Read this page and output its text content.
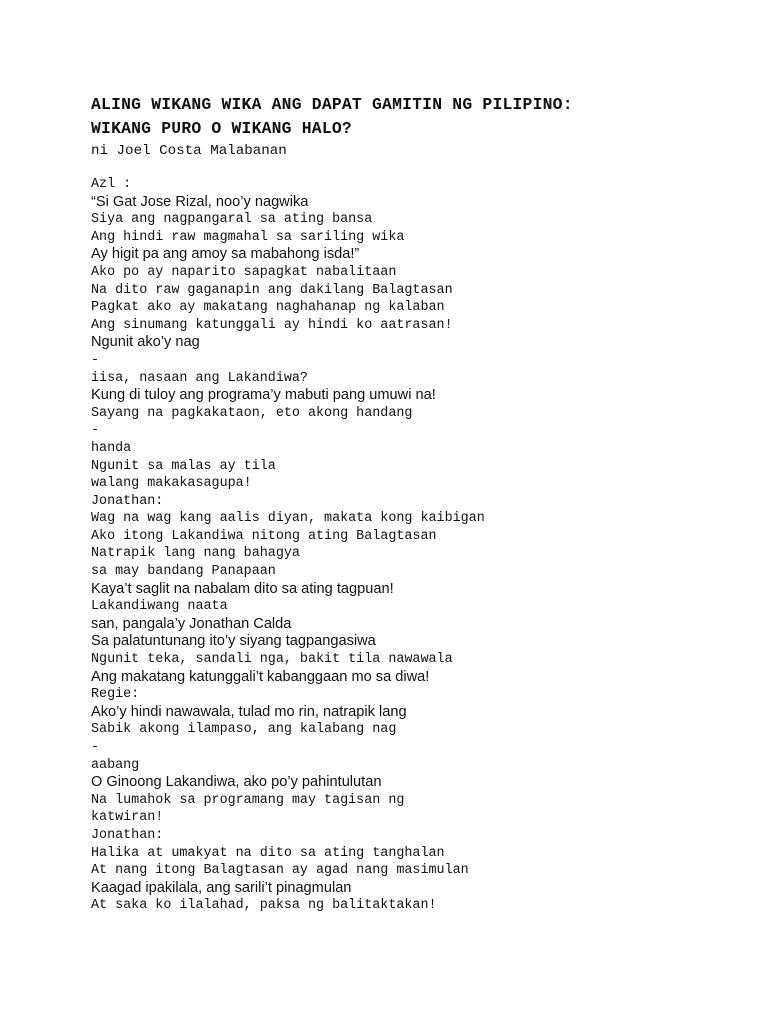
ALING WIKANG WIKA ANG DAPAT GAMITIN NG PILIPINO:
WIKANG PURO O WIKANG HALO?
ni Joel Costa Malabanan
Azl :
“Si Gat Jose Rizal, noo’y nagwika
Siya ang nagpangaral sa ating bansa
Ang hindi raw magmahal sa sariling wika
Ay higit pa ang amoy sa mabahong isda!”
Ako po ay naparito sapagkat nabalitaan
Na dito raw gaganapin ang dakilang Balagtasan
Pagkat ako ay makatang naghahanap ng kalaban
Ang sinumang katunggali ay hindi ko aatrasan!
Ngunit ako’y nag
-
iisa, nasaan ang Lakandiwa?
Kung di tuloy ang programa’y mabuti pang umuwi na!
Sayang na pagkakataon, eto akong handang
-
handa
Ngunit sa malas ay tila
walang makakasagupa!
Jonathan:
Wag na wag kang aalis diyan, makata kong kaibigan
Ako itong Lakandiwa nitong ating Balagtasan
Natrapik lang nang bahagya
sa may bandang Panapaan
Kaya’t saglit na nabalam dito sa ating tagpuan!
Lakandiwang naata
san, pangala’y Jonathan Calda
Sa palatuntunang ito’y siyang tagpangasiwa
Ngunit teka, sandali nga, bakit tila nawawala
Ang makatang katunggali’t kabanggaan mo sa diwa!
Regie:
Ako’y hindi nawawala, tulad mo rin, natrapik lang
Sabik akong ilampaso, ang kalabang nag
-
aabang
O Ginoong Lakandiwa, ako po’y pahintulutan
Na lumahok sa programang may tagisan ng
katwiran!
Jonathan:
Halika at umakyat na dito sa ating tanghalan
At nang itong Balagtasan ay agad nang masimulan
Kaagad ipakilala, ang sarili’t pinagmulan
At saka ko ilalahad, paksa ng balitaktakan!
